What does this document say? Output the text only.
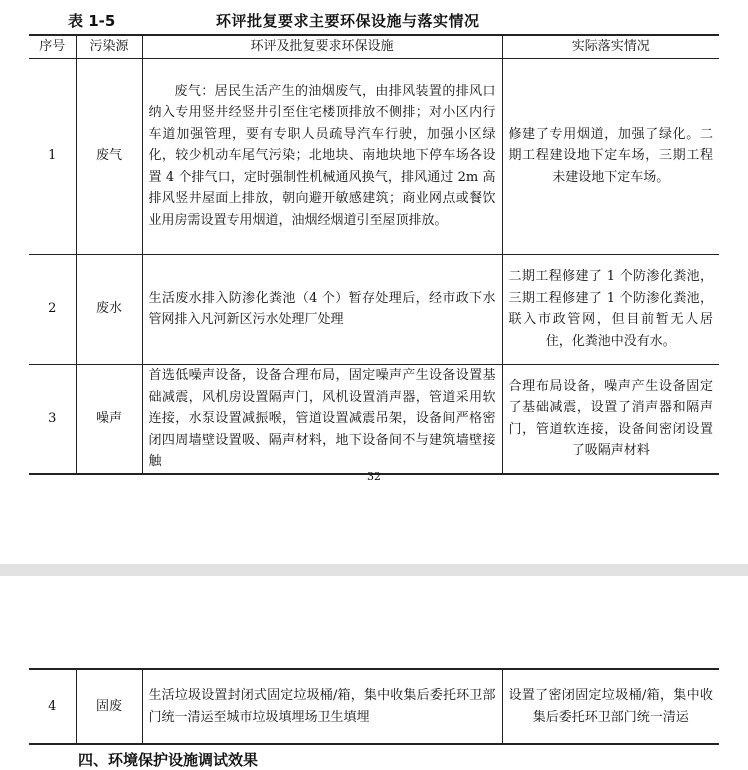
表 1-5	环评批复要求主要环保设施与落实情况
序号	污染源	环评及批复要求环保设施	实际落实情况
1	废气	废气：居民生活产生的油烟废气，由排风装置的排风口纳入专用竖井经竖井引至住宅楼顶排放不侧排；对小区内行车道加强管理，要有专职人员疏导汽车行驶，加强小区绿化，较少机动车尾气污染；北地块、南地块地下停车场各设置 4 个排气口，定时强制性机械通风换气，排风通过 2m 高排风竖井屋面上排放，朝向避开敏感建筑；商业网点或餐饮业用房需设置专用烟道，油烟经烟道引至屋顶排放。	修建了专用烟道，加强了绿化。二期工程建设地下定车场，三期工程未建设地下定车场。
2	废水	生活废水排入防渗化粪池（4 个）暂存处理后，经市政下水管网排入凡河新区污水处理厂处理	二期工程修建了 1 个防渗化粪池，三期工程修建了 1 个防渗化粪池，联入市政管网，但目前暂无人居住，化粪池中没有水。
3	噪声	首选低噪声设备，设备合理布局，固定噪声产生设备设置基础减震，风机房设置隔声门，风机设置消声器，管道采用软连接，水泵设置减振喉，管道设置减震吊架，设备间严格密闭四周墙壁设置吸、隔声材料，地下设备间不与建筑墙壁接触	合理布局设备，噪声产生设备固定了基础减震，设置了消声器和隔声门，管道软连接，设备间密闭设置了吸隔声材料
32
4	固废	生活垃圾设置封闭式固定垃圾桶/箱，集中收集后委托环卫部门统一清运至城市垃圾填埋场卫生填埋	设置了密闭固定垃圾桶/箱，集中收集后委托环卫部门统一清运
四、环境保护设施调试效果
